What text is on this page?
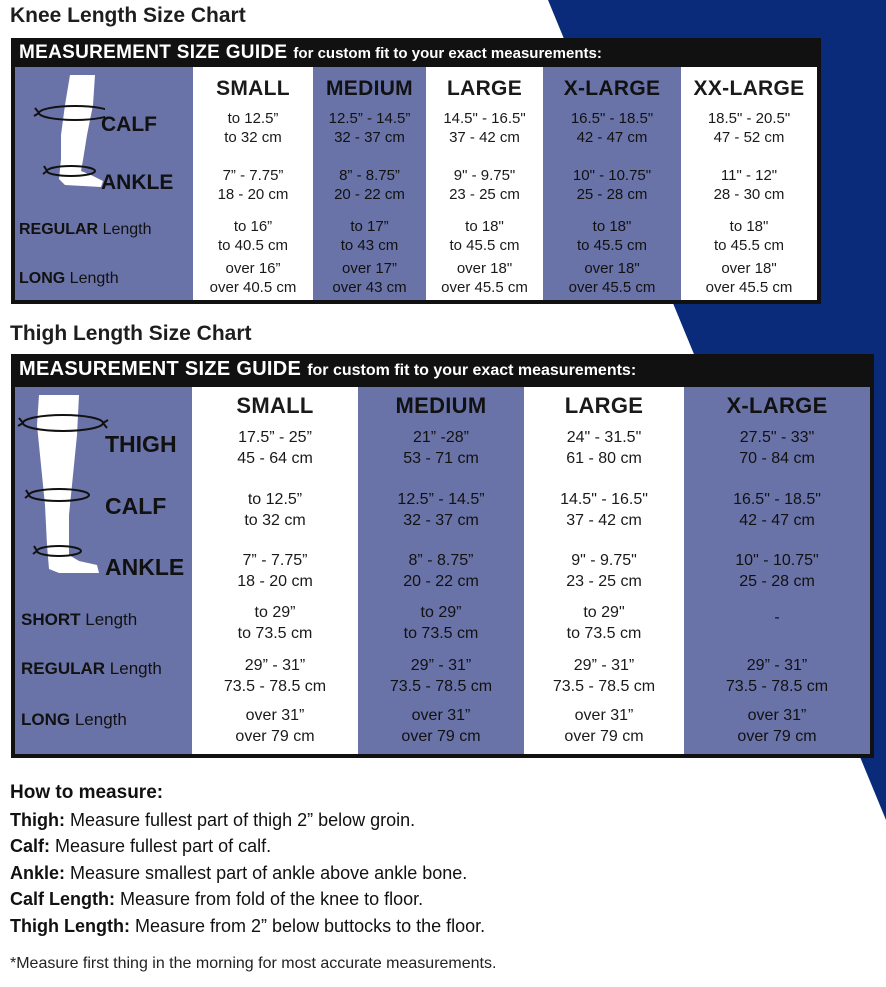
Knee Length Size Chart
MEASUREMENT SIZE GUIDE for custom fit to your exact measurements:
CALF
ANKLE
REGULAR Length
LONG Length
SMALL
to 12.5”
to 32 cm
7” - 7.75”
18 - 20 cm
to 16”
to 40.5 cm
over 16”
over 40.5 cm
MEDIUM
12.5” - 14.5”
32 - 37 cm
8” - 8.75”
20 - 22 cm
to 17”
to 43 cm
over 17”
over 43 cm
LARGE
14.5" - 16.5"
37 - 42 cm
9" - 9.75"
23 - 25 cm
to 18"
to 45.5 cm
over 18"
over 45.5 cm
X-LARGE
16.5" - 18.5"
42 - 47 cm
10" - 10.75"
25 - 28 cm
to 18"
to 45.5 cm
over 18"
over 45.5 cm
XX-LARGE
18.5" - 20.5"
47 - 52 cm
11" - 12"
28 - 30 cm
to 18"
to 45.5 cm
over 18"
over 45.5 cm
Thigh Length Size Chart
MEASUREMENT SIZE GUIDE for custom fit to your exact measurements:
THIGH
CALF
ANKLE
SHORT Length
REGULAR Length
LONG Length
SMALL
17.5” - 25”
45 - 64 cm
to 12.5”
to 32 cm
7” - 7.75”
18 - 20 cm
to 29”
to 73.5 cm
29” - 31”
73.5 - 78.5 cm
over 31”
over 79 cm
MEDIUM
21” -28”
53 - 71 cm
12.5” - 14.5”
32 - 37 cm
8” - 8.75”
20 - 22 cm
to 29”
to 73.5 cm
29” - 31”
73.5 - 78.5 cm
over 31”
over 79 cm
LARGE
24" - 31.5"
61 - 80 cm
14.5" - 16.5"
37 - 42 cm
9" - 9.75"
23 - 25 cm
to 29"
to 73.5 cm
29” - 31”
73.5 - 78.5 cm
over 31”
over 79 cm
X-LARGE
27.5" - 33"
70 - 84 cm
16.5" - 18.5"
42 - 47 cm
10" - 10.75"
25 - 28 cm
-
29” - 31”
73.5 - 78.5 cm
over 31”
over 79 cm
How to measure:
Thigh: Measure fullest part of thigh 2” below groin.
Calf: Measure fullest part of calf.
Ankle: Measure smallest part of ankle above ankle bone.
Calf Length: Measure from fold of the knee to floor.
Thigh Length: Measure from 2” below buttocks to the floor.
*Measure first thing in the morning for most accurate measurements.
